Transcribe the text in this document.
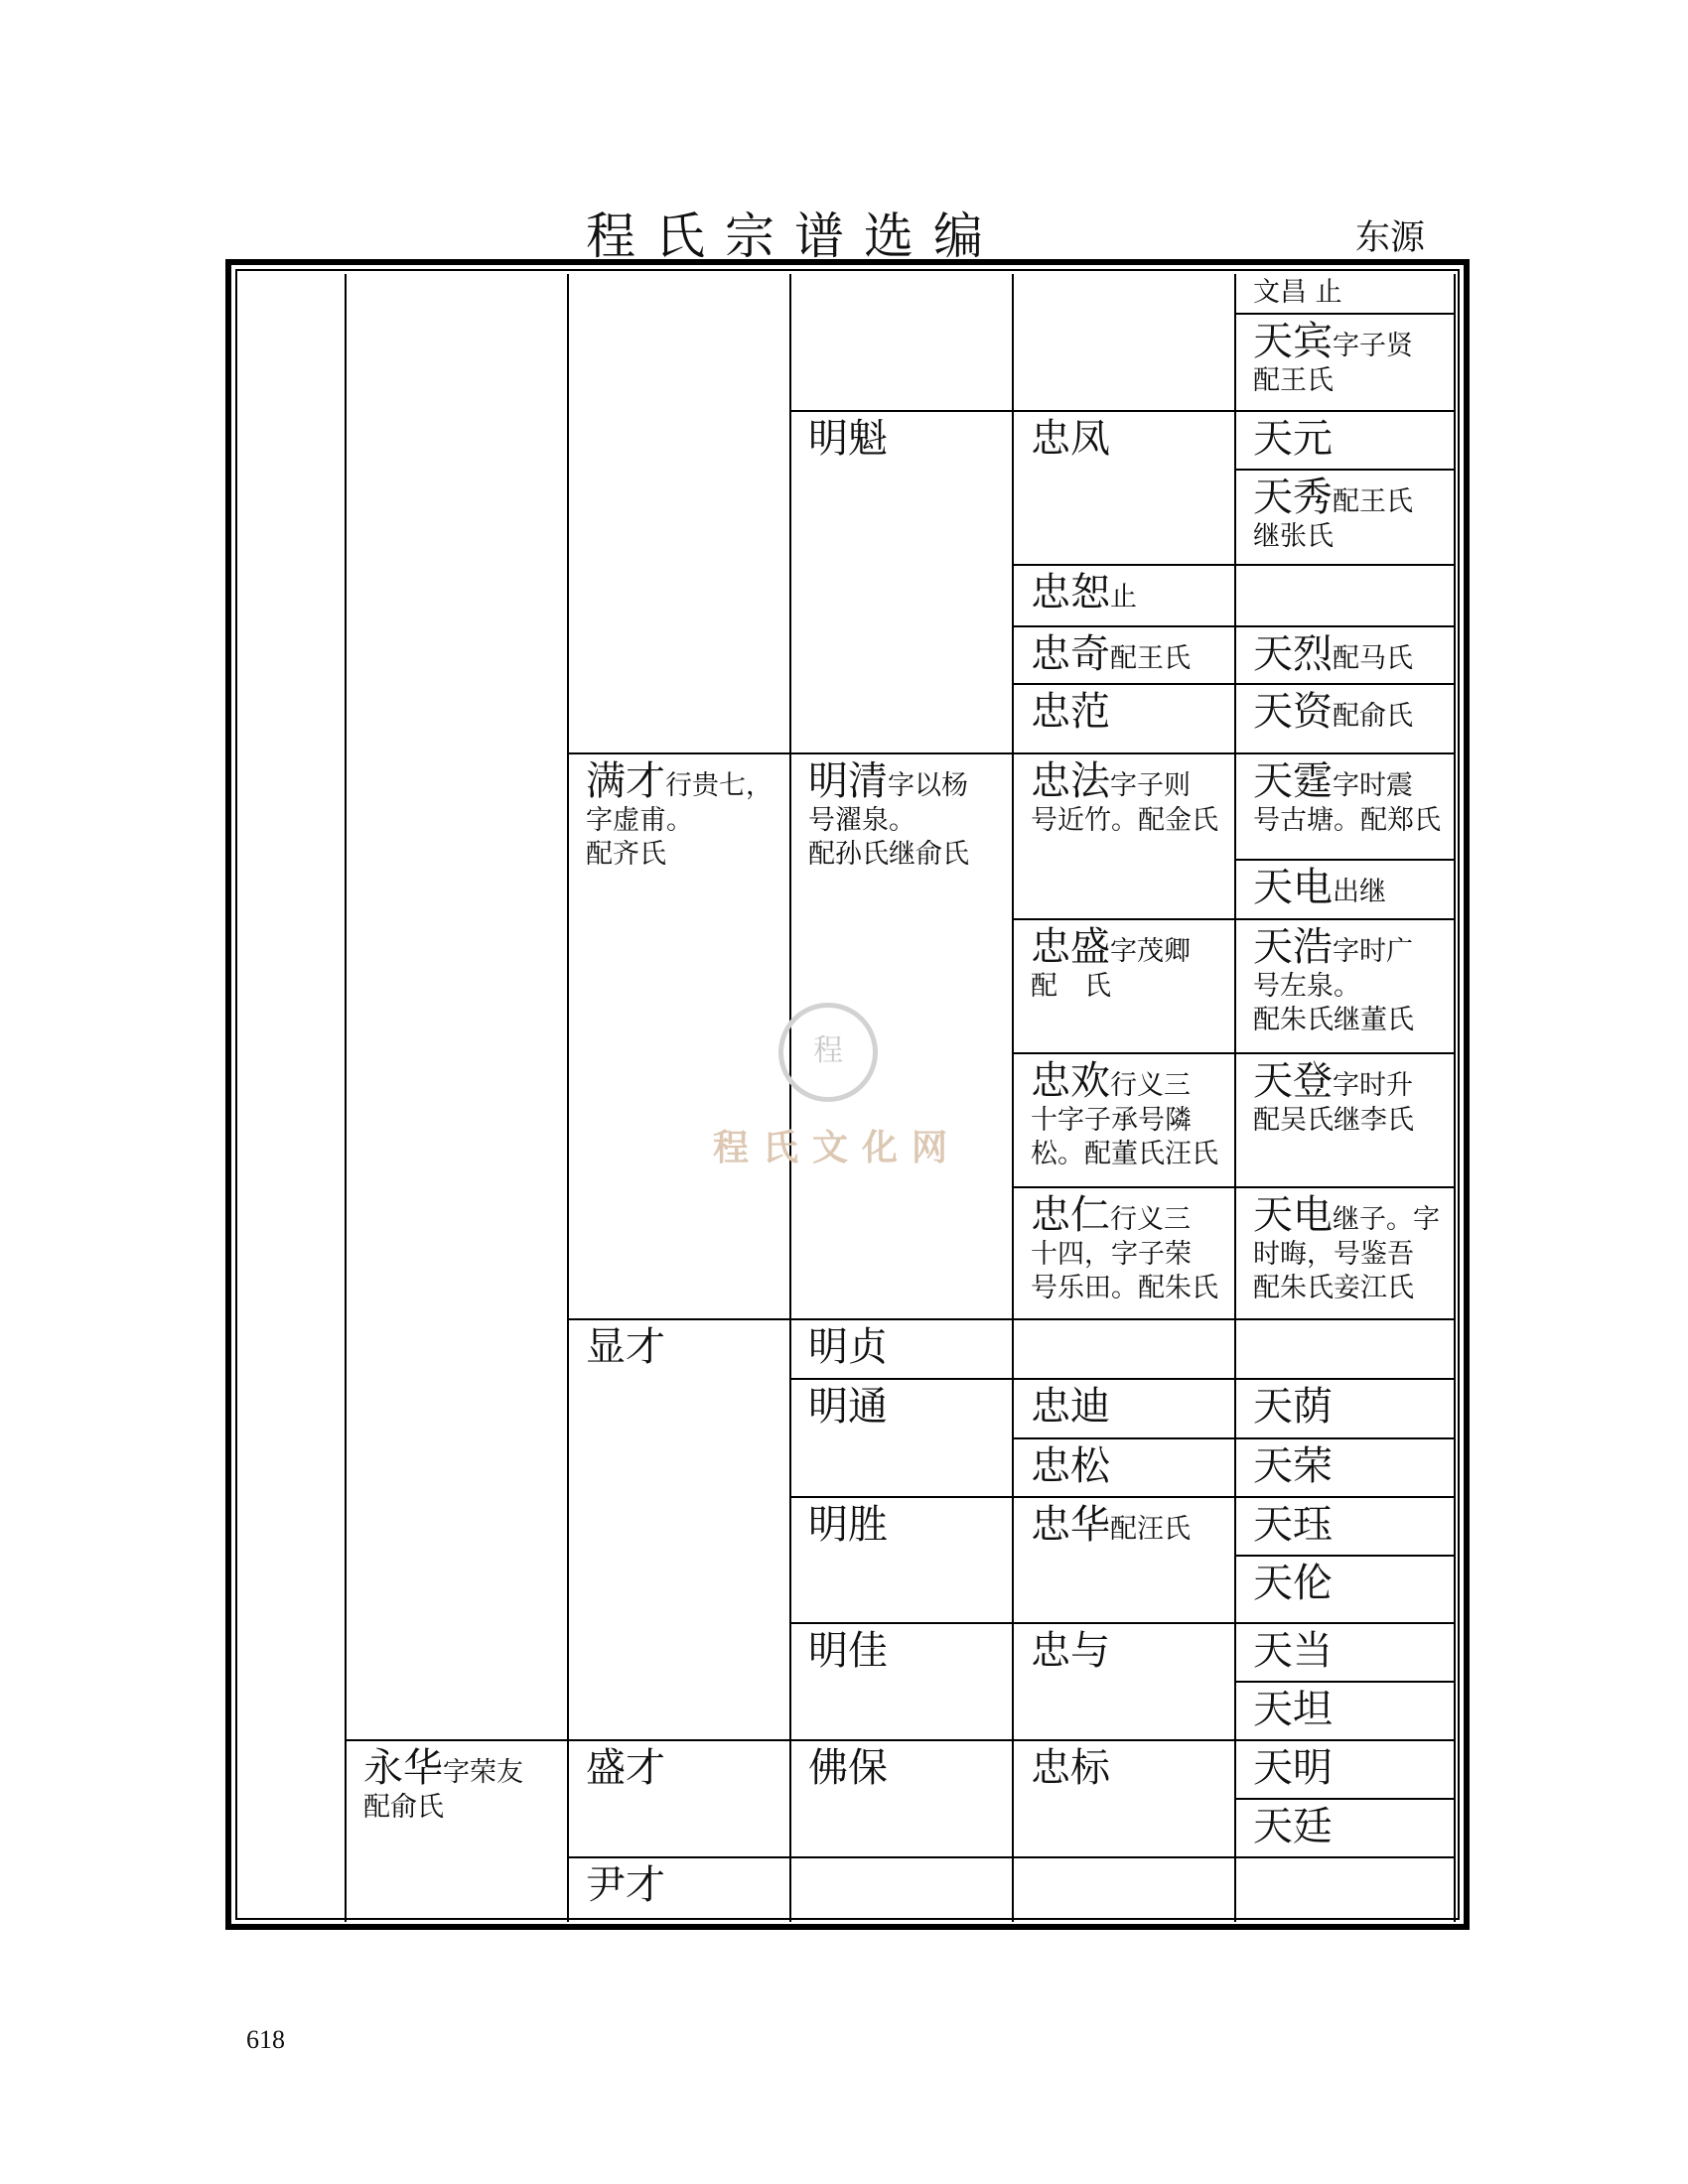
程氏宗谱选编	东源
永华字荣友
配俞氏
满才行贵七，
字虚甫。
配齐氏
显才
盛才
尹才
明魁
明清字以杨
号濯泉。
配孙氏继俞氏
明贞
明通
明胜
明佳
佛保
忠凤
忠恕止
忠奇配王氏
忠范
忠法字子则
号近竹。配金氏
忠盛字茂卿
配　氏
忠欢行义三
十字子承号隣
松。配董氏汪氏
忠仁行义三
十四，字子荣
号乐田。配朱氏
忠迪
忠松
忠华配汪氏
忠与
忠标
文昌 止
天宾字子贤
配王氏
天元
天秀配王氏
继张氏
天烈配马氏
天资配俞氏
天霆字时震
号古塘。配郑氏
天电出继
天浩字时广
号左泉。
配朱氏继董氏
天登字时升
配吴氏继李氏
天电继子。字
时晦，号鉴吾
配朱氏妾江氏
天荫
天荣
天珏
天伦
天当
天坦
天明
天廷
程
程氏文化网
618
